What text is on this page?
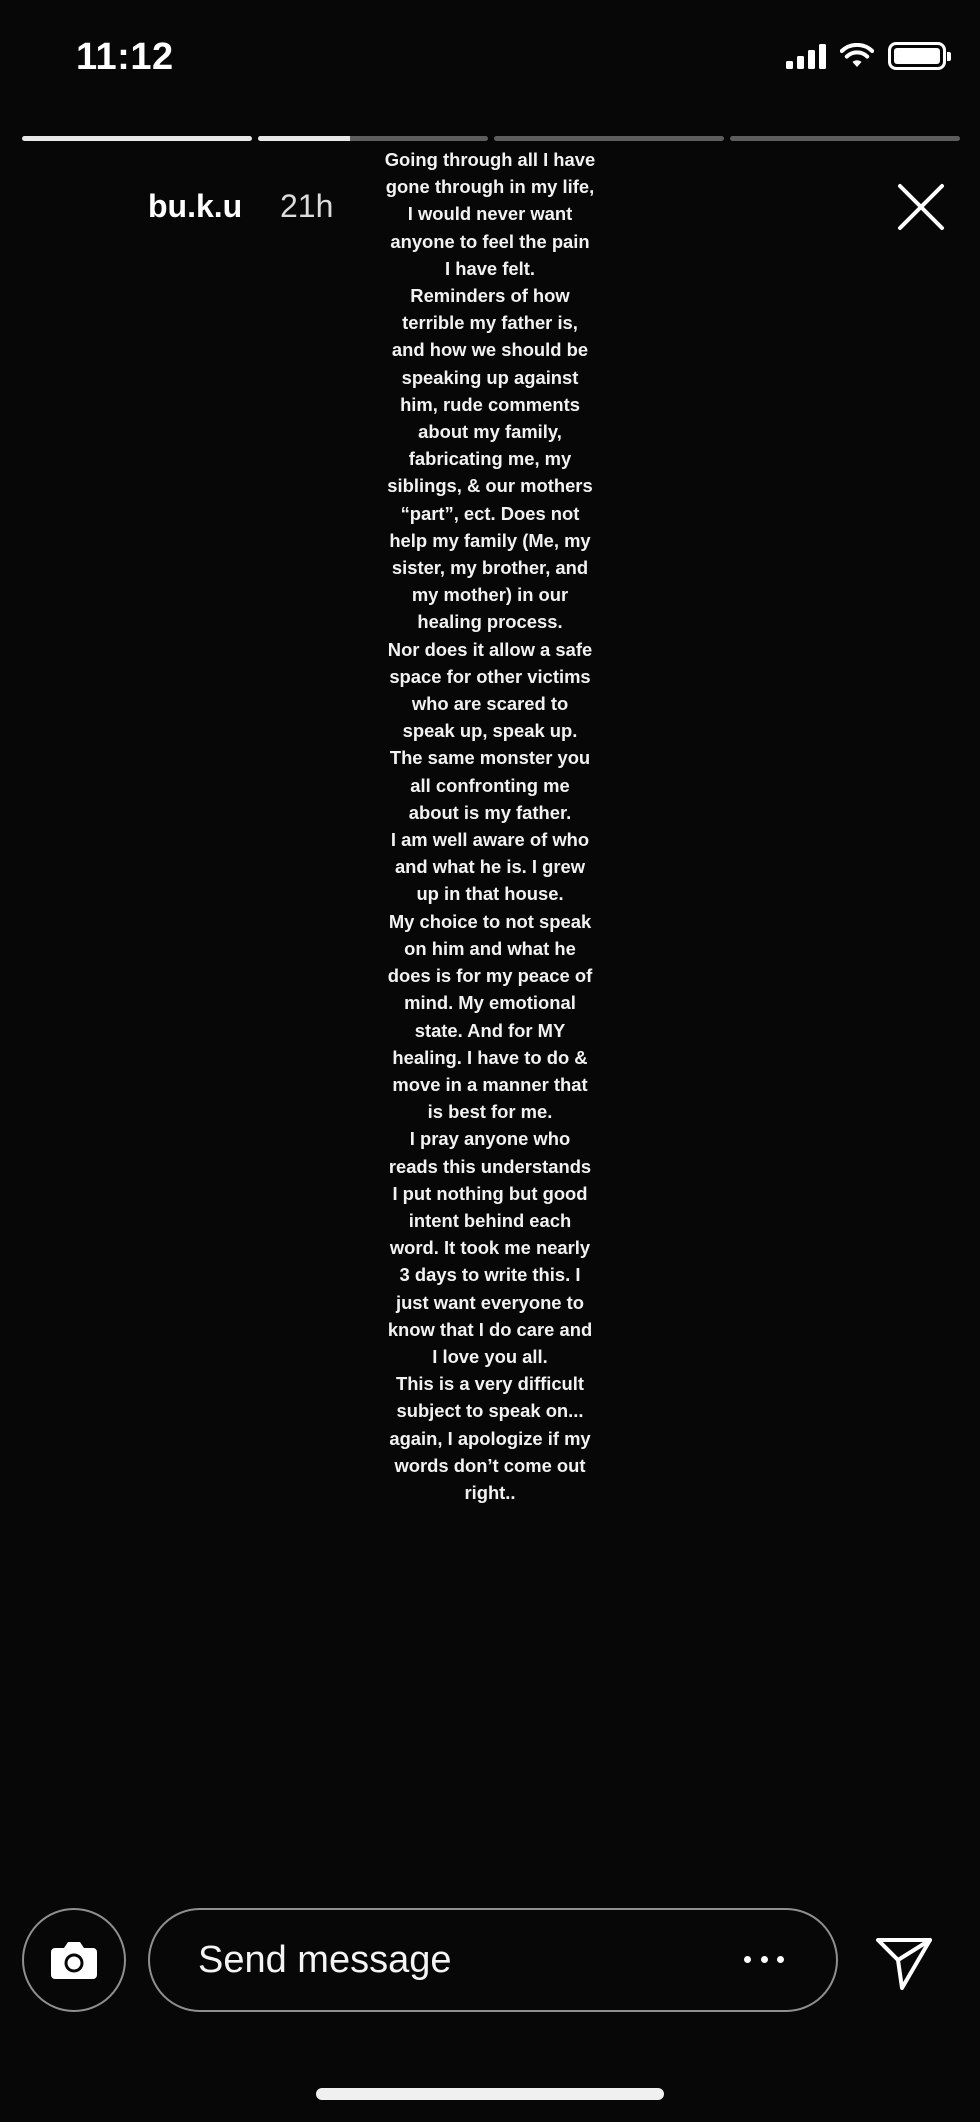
11:12
bu.k.u 21h
Going through all I have
gone through in my life,
I would never want
anyone to feel the pain
I have felt.
Reminders of how
terrible my father is,
and how we should be
speaking up against
him, rude comments
about my family,
fabricating me, my
siblings, & our mothers
“part”, ect. Does not
help my family (Me, my
sister, my brother, and
my mother) in our
healing process.
Nor does it allow a safe
space for other victims
who are scared to
speak up, speak up.
The same monster you
all confronting me
about is my father.
I am well aware of who
and what he is. I grew
up in that house.
My choice to not speak
on him and what he
does is for my peace of
mind. My emotional
state. And for MY
healing. I have to do &
move in a manner that
is best for me.
I pray anyone who
reads this understands
I put nothing but good
intent behind each
word. It took me nearly
3 days to write this. I
just want everyone to
know that I do care and
I love you all.
This is a very difficult
subject to speak on...
again, I apologize if my
words don’t come out
right..
Send message
